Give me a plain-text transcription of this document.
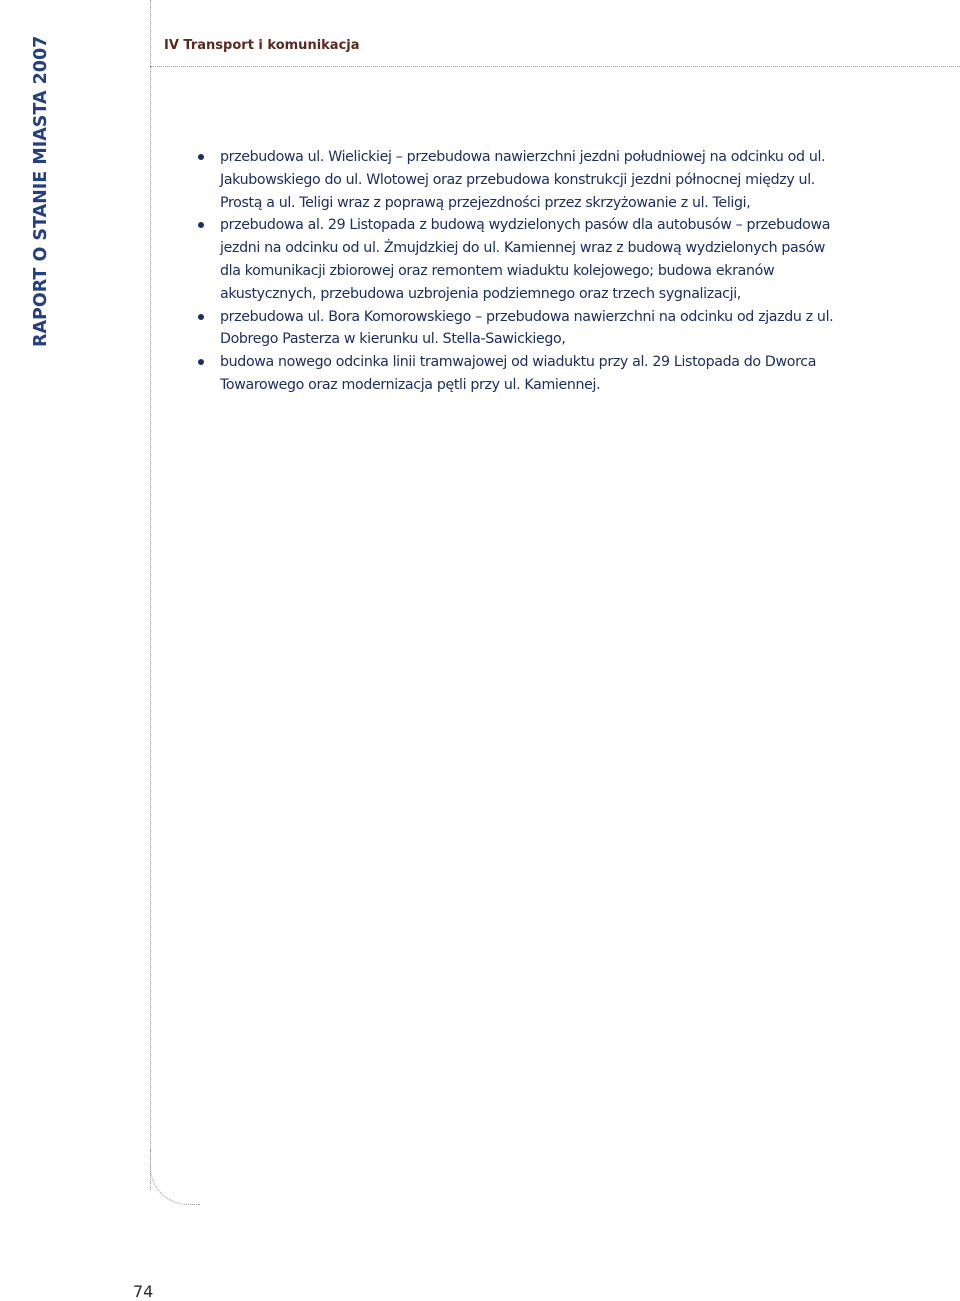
IV Transport i komunikacja
RAPORT O STANIE MIASTA 2007	przebudowa ul. Wielickiej – przebudowa nawierzchni jezdni południowej na odcinku od ul. Jakubowskiego do ul. Wlotowej oraz przebudowa konstrukcji jezdni północnej między ul. Prostą a ul. Teligi wraz z poprawą przejezdności przez skrzyżowanie z ul. Teligi,
przebudowa al. 29 Listopada z budową wydzielonych pasów dla autobusów – przebudowa jezdni na odcinku od ul. Żmujdzkiej do ul. Kamiennej wraz z budową wydzielonych pasów dla komunikacji zbiorowej oraz remontem wiaduktu kolejowego; budowa ekranów akustycznych, przebudowa uzbrojenia podziemnego oraz trzech sygnalizacji,
przebudowa ul. Bora Komorowskiego – przebudowa nawierzchni na odcinku od zjazdu z ul. Dobrego Pasterza w kierunku ul. Stella-Sawickiego,
budowa nowego odcinka linii tramwajowej od wiaduktu przy al. 29 Listopada do Dworca Towarowego oraz modernizacja pętli przy ul. Kamiennej.
74
